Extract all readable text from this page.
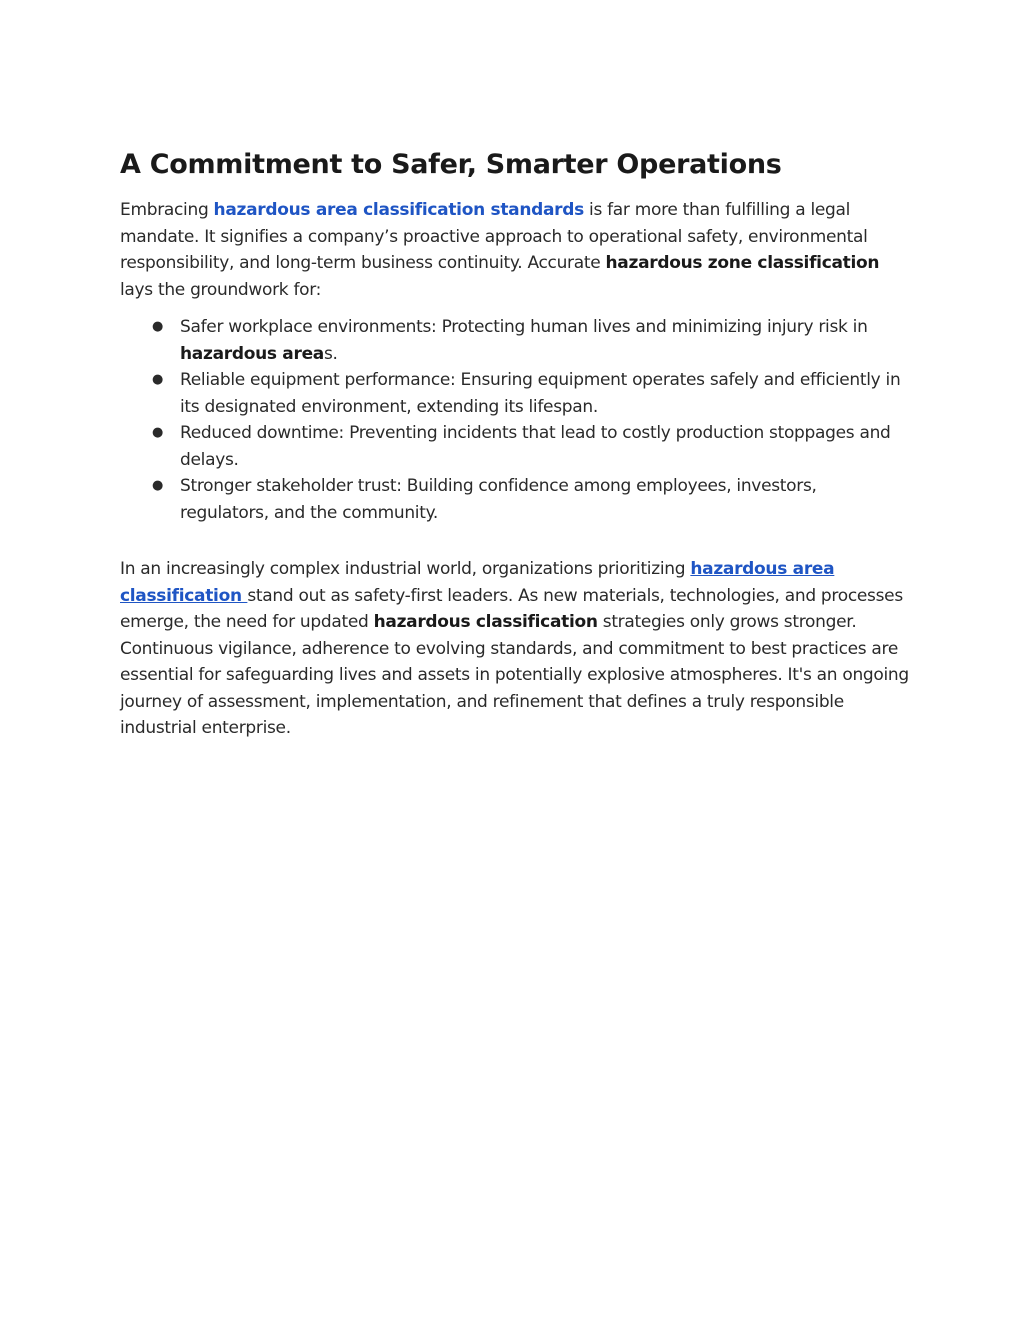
A Commitment to Safer, Smarter Operations

Embracing hazardous area classification standards is far more than fulfilling a legal mandate. It signifies a company’s proactive approach to operational safety, environmental responsibility, and long-term business continuity. Accurate hazardous zone classification lays the groundwork for:

● Safer workplace environments: Protecting human lives and minimizing injury risk in hazardous areas.
● Reliable equipment performance: Ensuring equipment operates safely and efficiently in its designated environment, extending its lifespan.
● Reduced downtime: Preventing incidents that lead to costly production stoppages and delays.
● Stronger stakeholder trust: Building confidence among employees, investors, regulators, and the community.

In an increasingly complex industrial world, organizations prioritizing hazardous area classification stand out as safety-first leaders. As new materials, technologies, and processes emerge, the need for updated hazardous classification strategies only grows stronger. Continuous vigilance, adherence to evolving standards, and commitment to best practices are essential for safeguarding lives and assets in potentially explosive atmospheres. It's an ongoing journey of assessment, implementation, and refinement that defines a truly responsible industrial enterprise.
